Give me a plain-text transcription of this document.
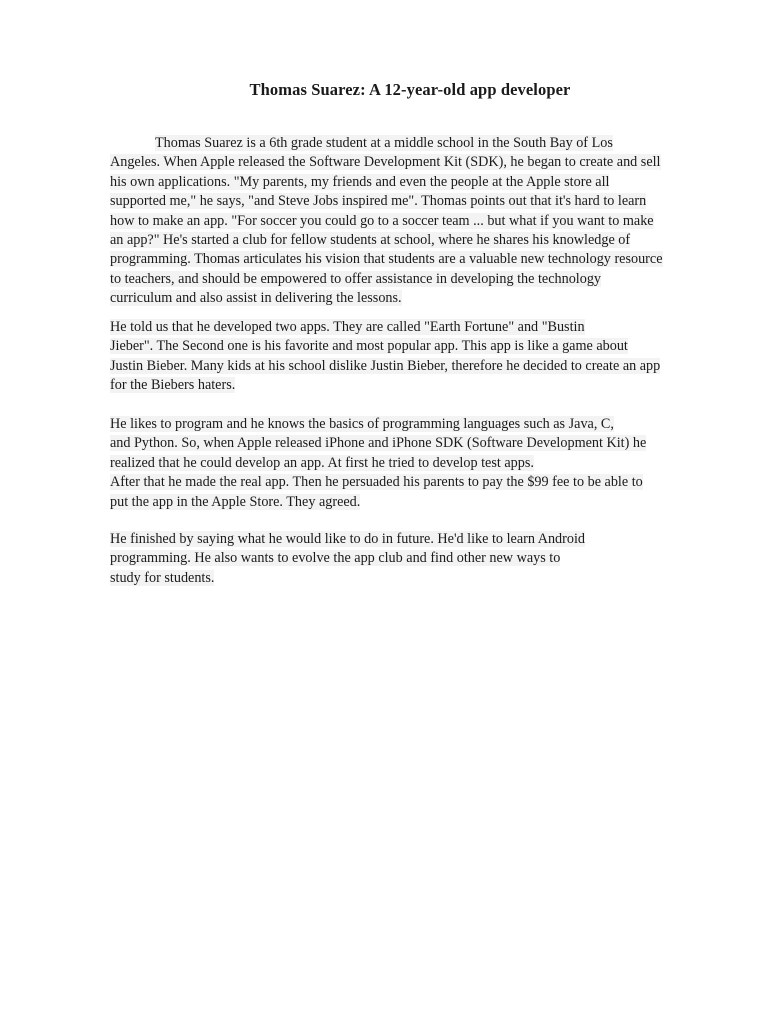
Thomas Suarez: A 12-year-old app developer
Thomas Suarez is a 6th grade student at a middle school in the South Bay of Los
Angeles. When Apple released the Software Development Kit (SDK), he began to create and sell
his own applications. "My parents, my friends and even the people at the Apple store all
supported me," he says, "and Steve Jobs inspired me". Thomas points out that it's hard to learn
how to make an app. "For soccer you could go to a soccer team ... but what if you want to make
an app?" He's started a club for fellow students at school, where he shares his knowledge of
programming. Thomas articulates his vision that students are a valuable new technology resource
to teachers, and should be empowered to offer assistance in developing the technology
curriculum and also assist in delivering the lessons.
He told us that he developed two apps. They are called "Earth Fortune" and "Bustin
Jieber". The Second one is his favorite and most popular app. This app is like a game about
Justin Bieber. Many kids at his school dislike Justin Bieber, therefore he decided to create an app
for the Biebers haters.
He likes to program and he knows the basics of programming languages such as Java, C,
and Python. So, when Apple released iPhone and iPhone SDK (Software Development Kit) he
realized that he could develop an app. At first he tried to develop test apps.
After that he made the real app. Then he persuaded his parents to pay the $99 fee to be able to
put the app in the Apple Store. They agreed.
He finished by saying what he would like to do in future. He'd like to learn Android
programming. He also wants to evolve the app club and find other new ways to
study for students.
